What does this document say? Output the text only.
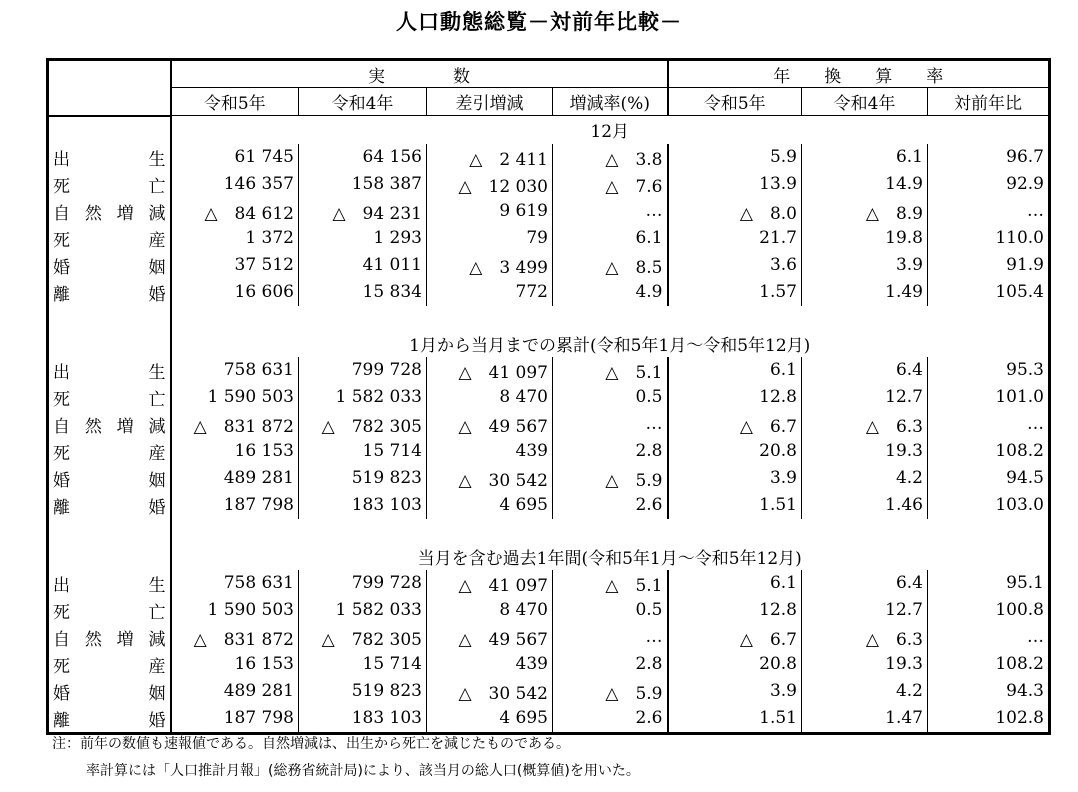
人口動態総覧－対前年比較－
	実　　　　数				年　　換　　算　　率		
	令和5年	令和4年	差引増減	増減率(%)	令和5年	令和4年	対前年比
	12月						

出 生	61 745	64 156	△　2 411	△　3.8	5.9	6.1	96.7

死 亡	146 357	158 387	△　12 030	△　7.6	13.9	14.9	92.9

自 然 増 減	△　84 612	△　94 231	9 619	…	△　8.0	△　8.9	…

死 産	1 372	1 293	79	6.1	21.7	19.8	110.0

婚 姻	37 512	41 011	△　3 499	△　8.5	3.6	3.9	91.9

離 婚	16 606	15 834	772	4.9	1.57	1.49	105.4

	1月から当月までの累計(令和5年1月～令和5年12月)						

出 生	758 631	799 728	△　41 097	△　5.1	6.1	6.4	95.3

死 亡	1 590 503	1 582 033	8 470	0.5	12.8	12.7	101.0

自 然 増 減	△　831 872	△　782 305	△　49 567	…	△　6.7	△　6.3	…

死 産	16 153	15 714	439	2.8	20.8	19.3	108.2

婚 姻	489 281	519 823	△　30 542	△　5.9	3.9	4.2	94.5

離 婚	187 798	183 103	4 695	2.6	1.51	1.46	103.0

	当月を含む過去1年間(令和5年1月～令和5年12月)						

出 生	758 631	799 728	△　41 097	△　5.1	6.1	6.4	95.1

死 亡	1 590 503	1 582 033	8 470	0.5	12.8	12.7	100.8

自 然 増 減	△　831 872	△　782 305	△　49 567	…	△　6.7	△　6.3	…

死 産	16 153	15 714	439	2.8	20.8	19.3	108.2

婚 姻	489 281	519 823	△　30 542	△　5.9	3.9	4.2	94.3

離 婚	187 798	183 103	4 695	2.6	1.51	1.47	102.8
注：前年の数値も速報値である。自然増減は、出生から死亡を減じたものである。
率計算には「人口推計月報」(総務省統計局)により、該当月の総人口(概算値)を用いた。
